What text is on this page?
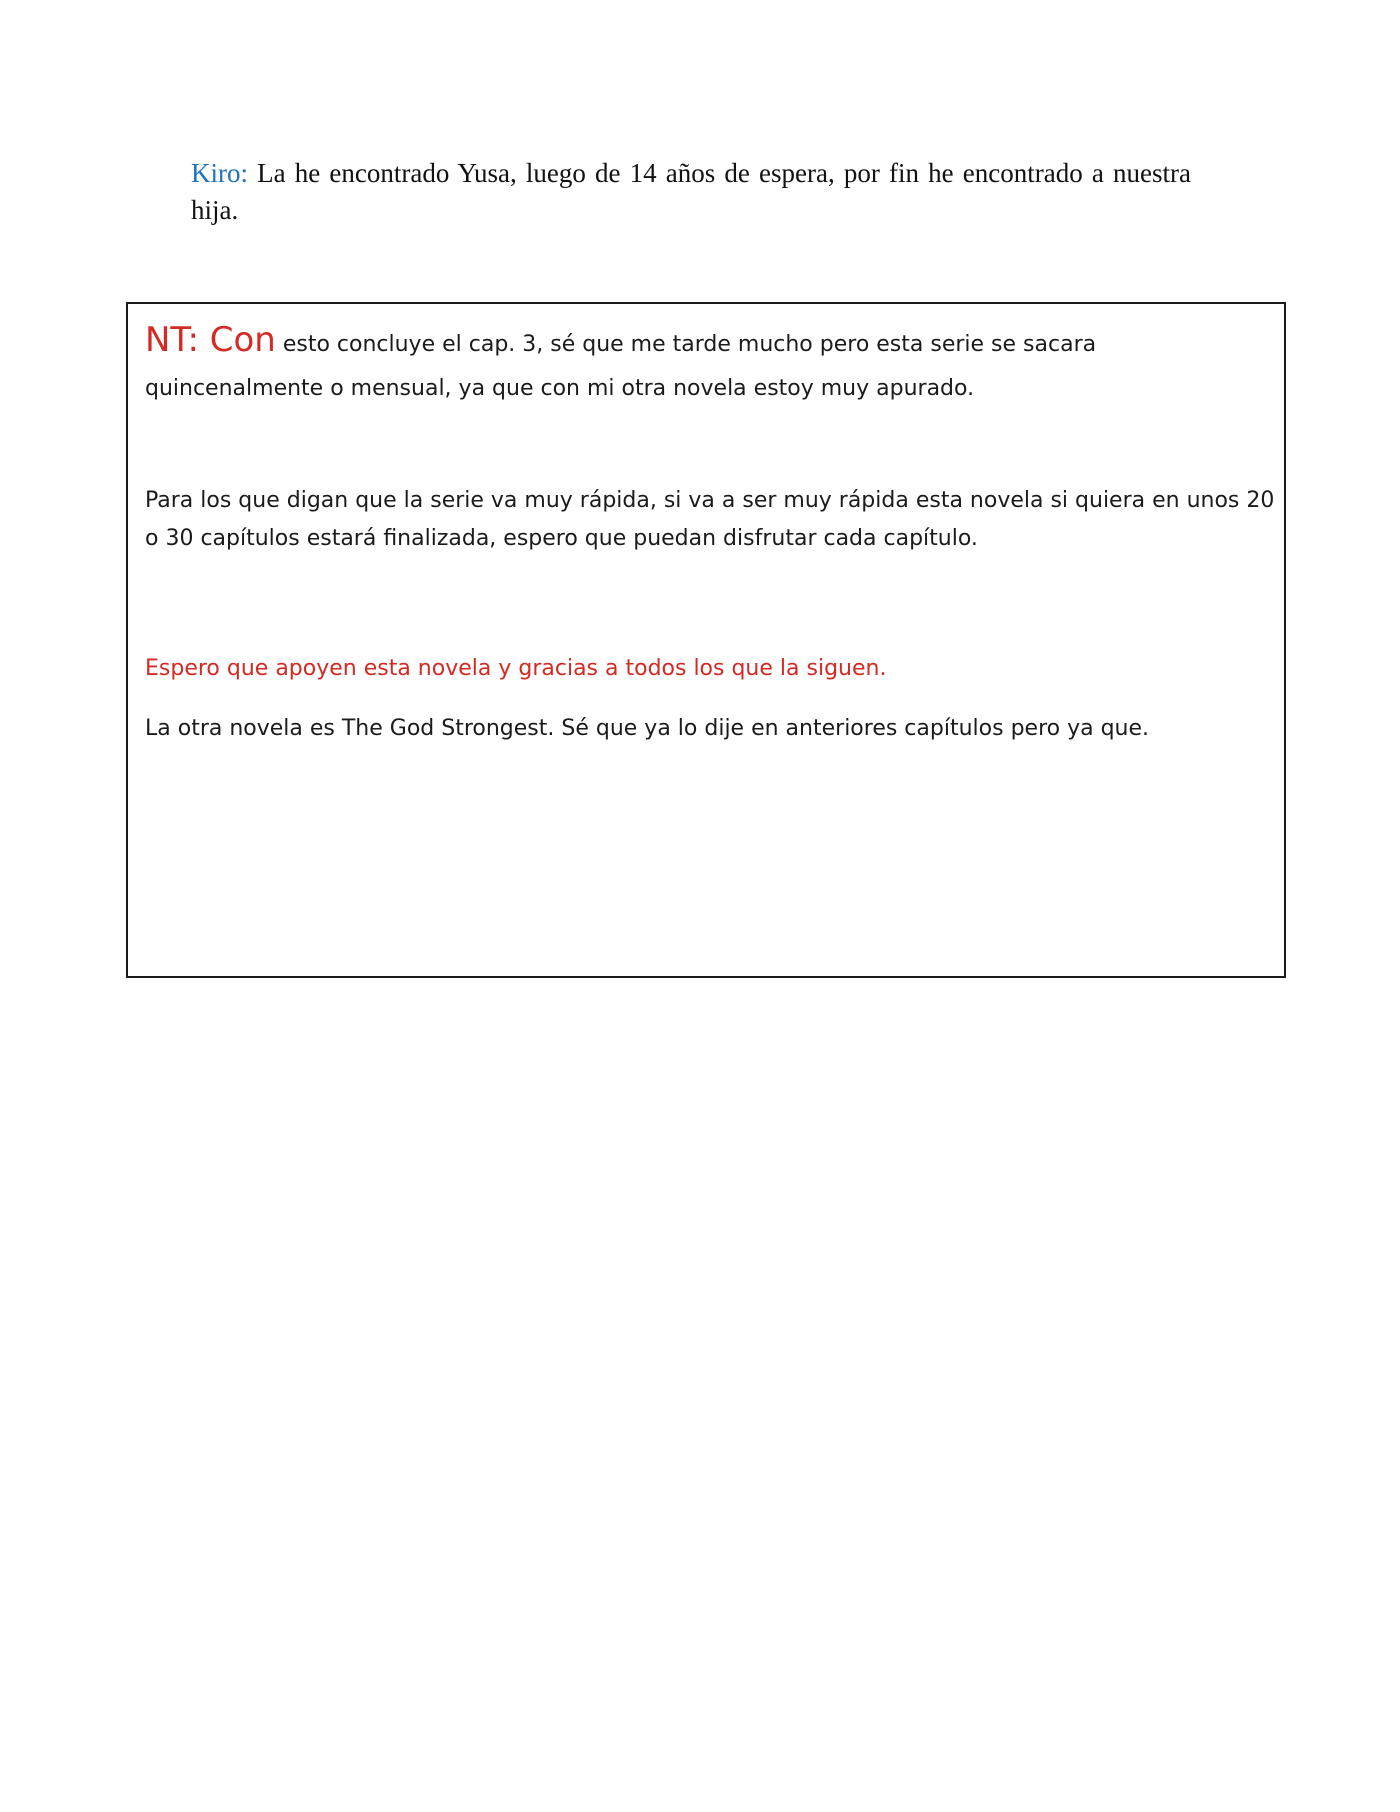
Kiro: La he encontrado Yusa, luego de 14 años de espera, por fin he encontrado a nuestra hija.

NT: Con esto concluye el cap. 3, sé que me tarde mucho pero esta serie se sacara quincenalmente o mensual, ya que con mi otra novela estoy muy apurado.

Para los que digan que la serie va muy rápida, si va a ser muy rápida esta novela si quiera en unos 20 o 30 capítulos estará finalizada, espero que puedan disfrutar cada capítulo.

Espero que apoyen esta novela y gracias a todos los que la siguen.

La otra novela es The God Strongest. Sé que ya lo dije en anteriores capítulos pero ya que.
